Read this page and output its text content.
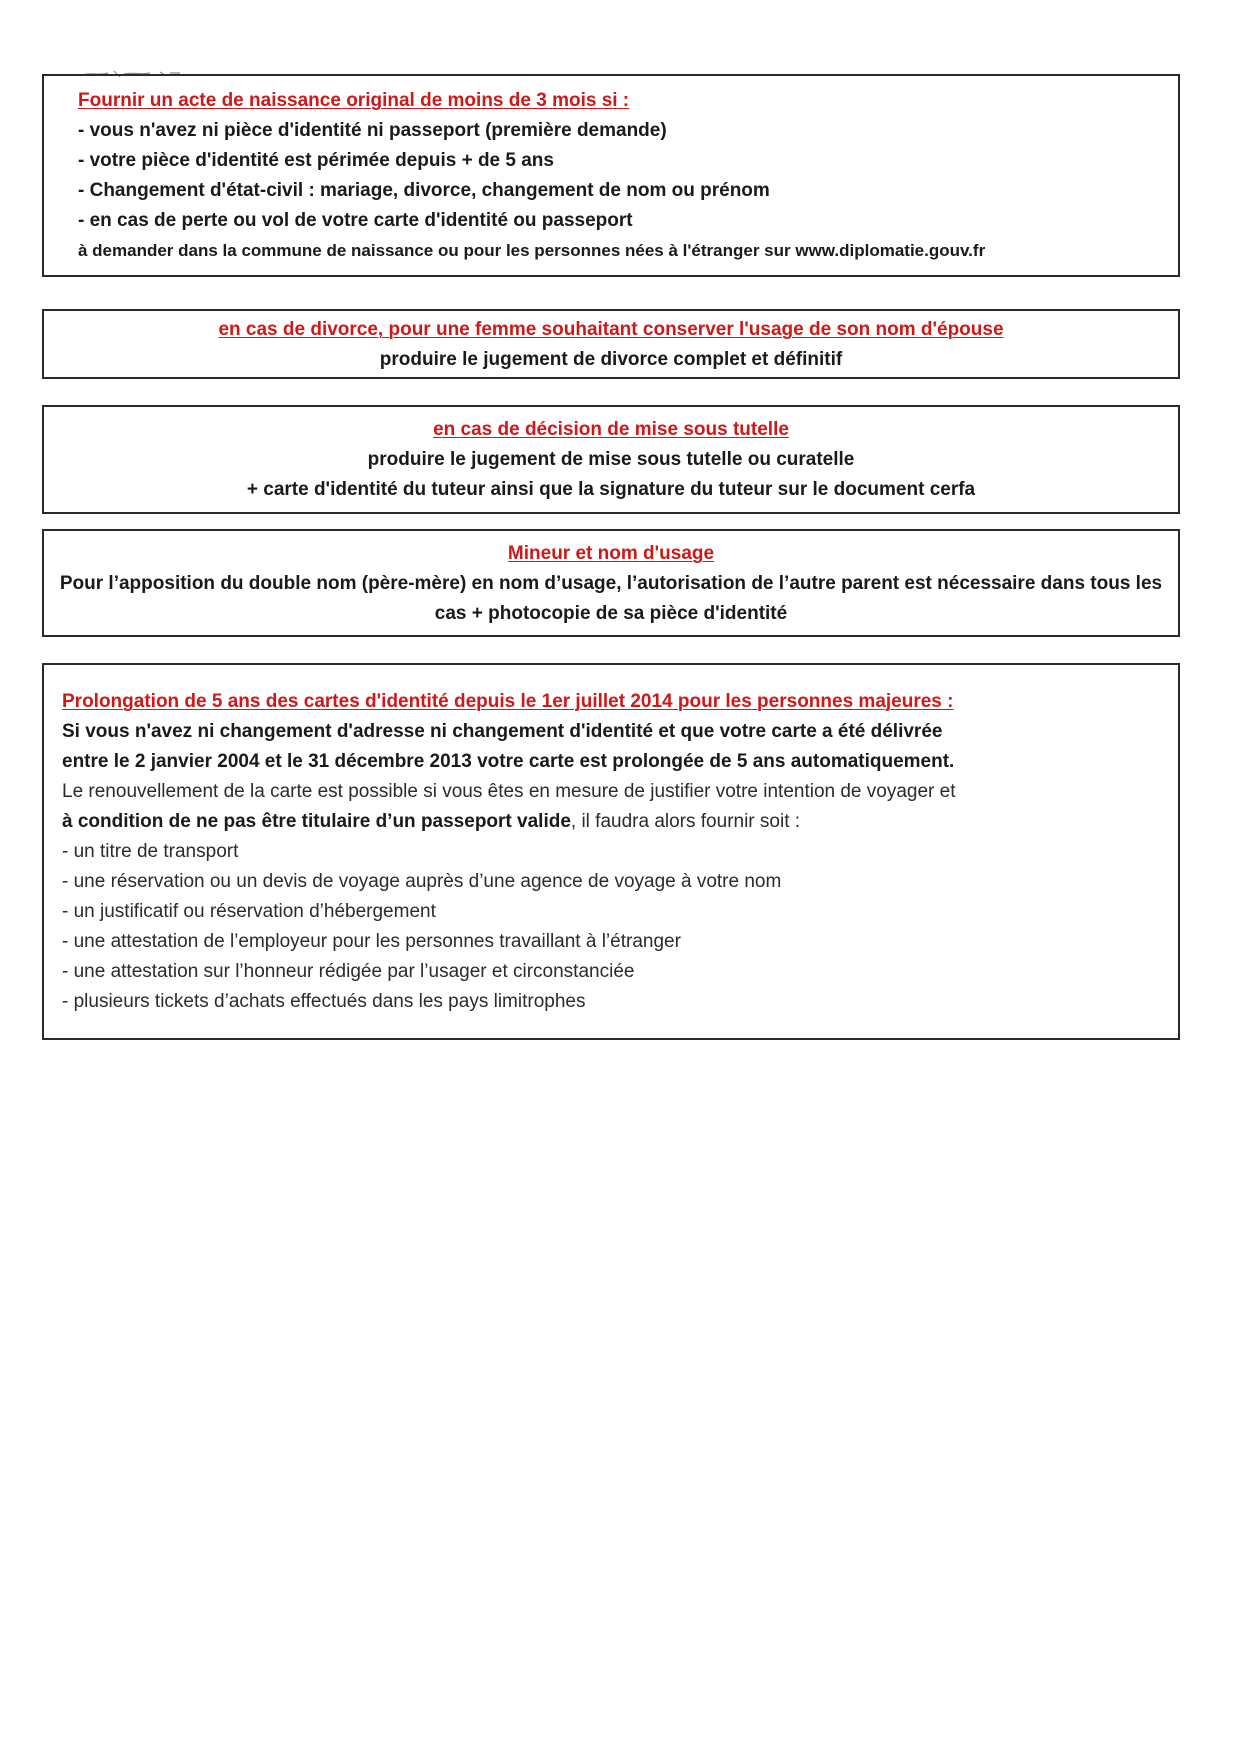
Fournir un acte de naissance original de moins de 3 mois si :
- vous n'avez ni pièce d'identité ni passeport (première demande)
- votre pièce d'identité est périmée depuis + de 5 ans
- Changement d'état-civil : mariage, divorce, changement de nom ou prénom
- en cas de perte ou vol de votre carte d'identité ou passeport
à demander dans la commune de naissance ou pour les personnes nées à l'étranger sur www.diplomatie.gouv.fr
en cas de divorce, pour une femme souhaitant conserver l'usage de son nom d'épouse
produire le jugement de divorce complet et définitif
en cas de décision de mise sous tutelle
produire le jugement de mise sous tutelle ou curatelle
+ carte d'identité du tuteur ainsi que la signature du tuteur sur le document cerfa
Mineur et nom d'usage
Pour l’apposition du double nom (père-mère) en nom d’usage, l’autorisation de l’autre parent est nécessaire dans tous les cas + photocopie de sa pièce d'identité
Prolongation de 5 ans des cartes d'identité depuis le 1er juillet 2014 pour les personnes majeures :
Si vous n'avez ni changement d'adresse ni changement d'identité et que votre carte a été délivrée
entre le 2 janvier 2004 et le 31 décembre 2013 votre carte est prolongée de 5 ans automatiquement.
Le renouvellement de la carte est possible si vous êtes en mesure de justifier votre intention de voyager et
à condition de ne pas être titulaire d’un passeport valide, il faudra alors fournir soit :
- un titre de transport
- une réservation ou un devis de voyage auprès d’une agence de voyage à votre nom
- un justificatif ou réservation d’hébergement
- une attestation de l’employeur pour les personnes travaillant à l’étranger
- une attestation sur l’honneur rédigée par l’usager et circonstanciée
- plusieurs tickets d’achats effectués dans les pays limitrophes
